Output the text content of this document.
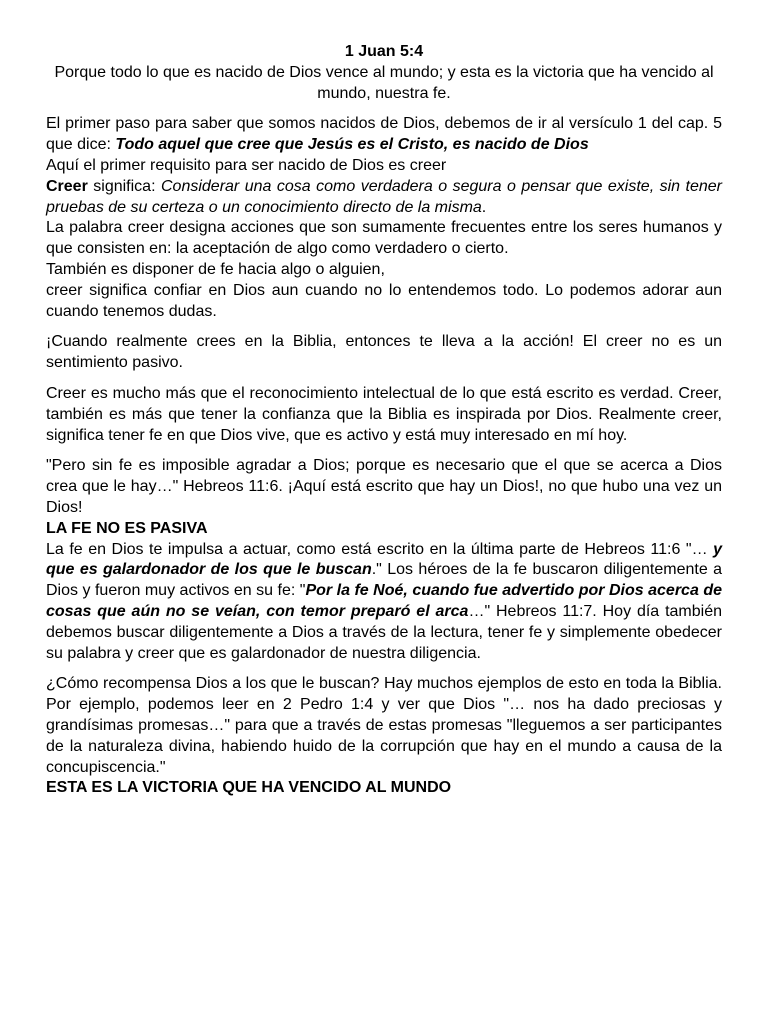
1 Juan 5:4
Porque todo lo que es nacido de Dios vence al mundo; y esta es la victoria que ha vencido al mundo, nuestra fe.

El primer paso para saber que somos nacidos de Dios, debemos de ir al versículo 1 del cap. 5 que dice: Todo aquel que cree que Jesús es el Cristo, es nacido de Dios

Aquí el primer requisito para ser nacido de Dios es creer

Creer significa: Considerar una cosa como verdadera o segura o pensar que existe, sin tener pruebas de su certeza o un conocimiento directo de la misma.

La palabra creer designa acciones que son sumamente frecuentes entre los seres humanos y que consisten en: la aceptación de algo como verdadero o cierto.

También es disponer de fe hacia algo o alguien,

creer significa confiar en Dios aun cuando no lo entendemos todo. Lo podemos adorar aun cuando tenemos dudas.

¡Cuando realmente crees en la Biblia, entonces te lleva a la acción! El creer no es un sentimiento pasivo.

Creer es mucho más que el reconocimiento intelectual de lo que está escrito es verdad. Creer, también es más que tener la confianza que la Biblia es inspirada por Dios. Realmente creer, significa tener fe en que Dios vive, que es activo y está muy interesado en mí hoy.

"Pero sin fe es imposible agradar a Dios; porque es necesario que el que se acerca a Dios crea que le hay…" Hebreos 11:6. ¡Aquí está escrito que hay un Dios!, no que hubo una vez un Dios!

LA FE NO ES PASIVA

La fe en Dios te impulsa a actuar, como está escrito en la última parte de Hebreos 11:6 "… y que es galardonador de los que le buscan." Los héroes de la fe buscaron diligentemente a Dios y fueron muy activos en su fe: "Por la fe Noé, cuando fue advertido por Dios acerca de cosas que aún no se veían, con temor preparó el arca…" Hebreos 11:7. Hoy día también debemos buscar diligentemente a Dios a través de la lectura, tener fe y simplemente obedecer su palabra y creer que es galardonador de nuestra diligencia.

¿Cómo recompensa Dios a los que le buscan? Hay muchos ejemplos de esto en toda la Biblia. Por ejemplo, podemos leer en 2 Pedro 1:4 y ver que Dios "… nos ha dado preciosas y grandísimas promesas…" para que a través de estas promesas "lleguemos a ser participantes de la naturaleza divina, habiendo huido de la corrupción que hay en el mundo a causa de la concupiscencia."

ESTA ES LA VICTORIA QUE HA VENCIDO AL MUNDO
